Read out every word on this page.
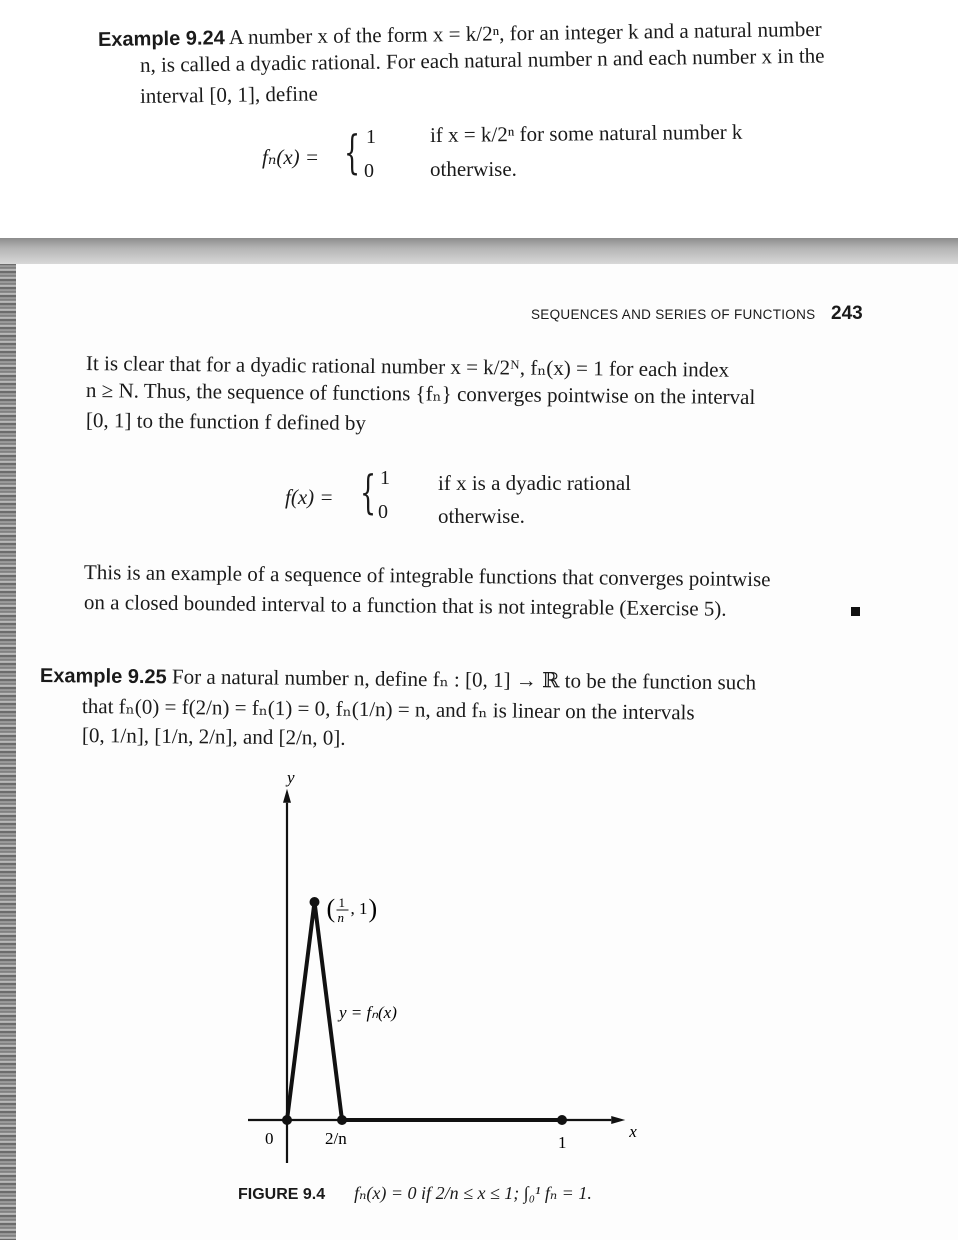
Example 9.24 A number x of the form x = k/2ⁿ, for an integer k and a natural number
n, is called a dyadic rational. For each natural number n and each number x in the
interval [0, 1], define
fₙ(x) = { 1
0
if x = k/2ⁿ for some natural number k
otherwise.
SEQUENCES AND SERIES OF FUNCTIONS 243
It is clear that for a dyadic rational number x = k/2ᴺ, fₙ(x) = 1 for each index
n ≥ N. Thus, the sequence of functions {fₙ} converges pointwise on the interval
[0, 1] to the function f defined by
f(x) = { 1
0
if x is a dyadic rational
otherwise.
This is an example of a sequence of integrable functions that converges pointwise
on a closed bounded interval to a function that is not integrable (Exercise 5).
Example 9.25 For a natural number n, define fₙ : [0, 1] → ℝ to be the function such
that fₙ(0) = f(2/n) = fₙ(1) = 0, fₙ(1/n) = n, and fₙ is linear on the intervals
[0, 1/n], [1/n, 2/n], and [2/n, 0].
y
x
0	2/n	1
y = fₙ(x)
( 1
n , 1 )
FIGURE 9.4 fₙ(x) = 0 if 2/n ≤ x ≤ 1; ∫₀¹ fₙ = 1.
